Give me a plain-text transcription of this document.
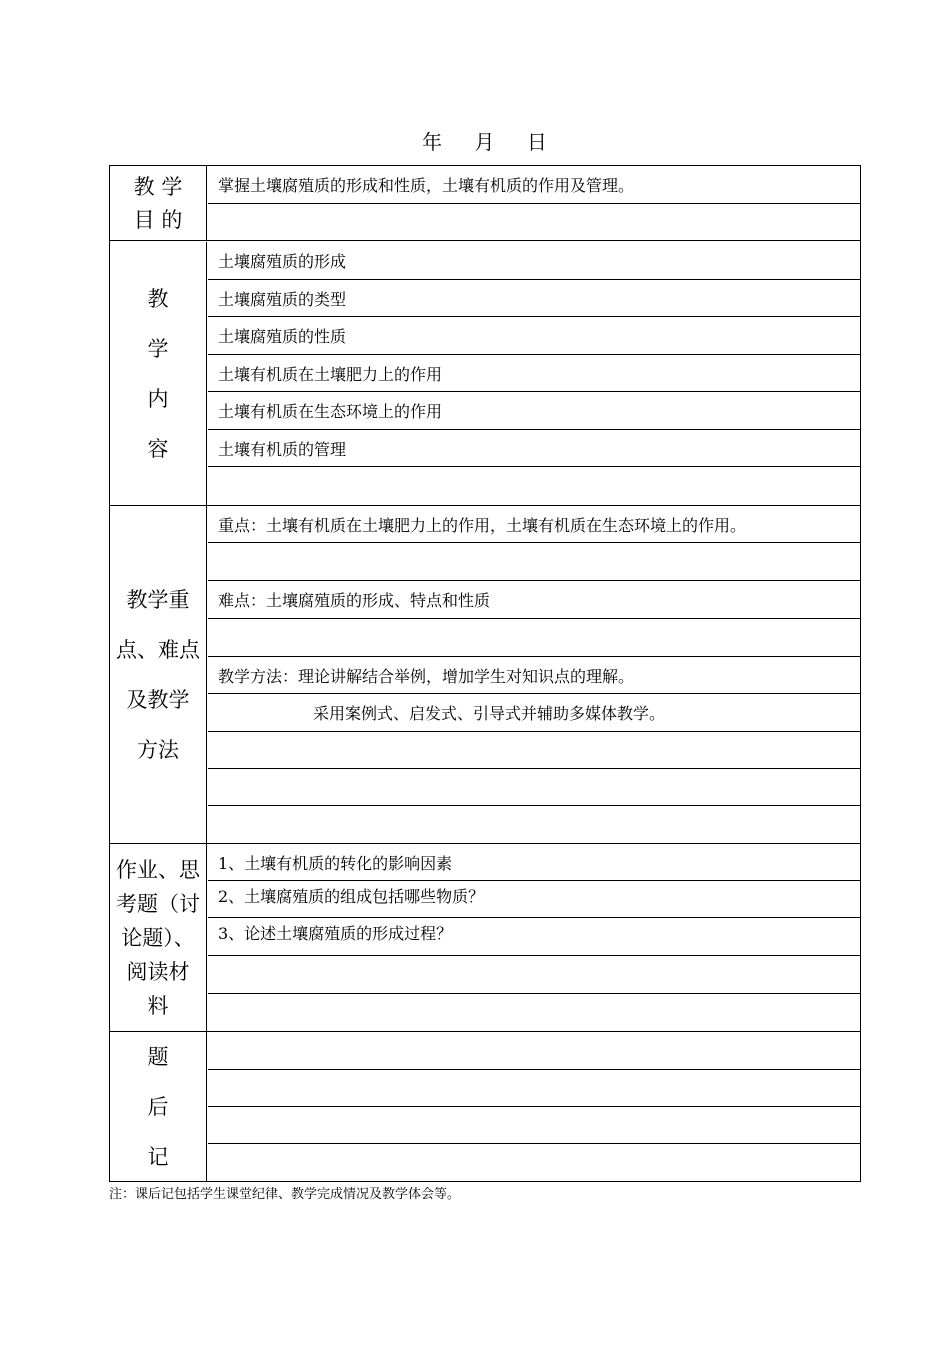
年 月 日
教 学
目 的
掌握土壤腐殖质的形成和性质，土壤有机质的作用及管理。
教
学
内
容
土壤腐殖质的形成
土壤腐殖质的类型
土壤腐殖质的性质
土壤有机质在土壤肥力上的作用
土壤有机质在生态环境上的作用
土壤有机质的管理
教学重
点、难点
及教学
方法
重点：土壤有机质在土壤肥力上的作用，土壤有机质在生态环境上的作用。
难点：土壤腐殖质的形成、特点和性质
教学方法：理论讲解结合举例，增加学生对知识点的理解。
采用案例式、启发式、引导式并辅助多媒体教学。
作业、思
考题（讨
论题）、
阅读材
料
1、土壤有机质的转化的影响因素
2、土壤腐殖质的组成包括哪些物质？
3、论述土壤腐殖质的形成过程？
题
后
记
注：课后记包括学生课堂纪律、教学完成情况及教学体会等。
